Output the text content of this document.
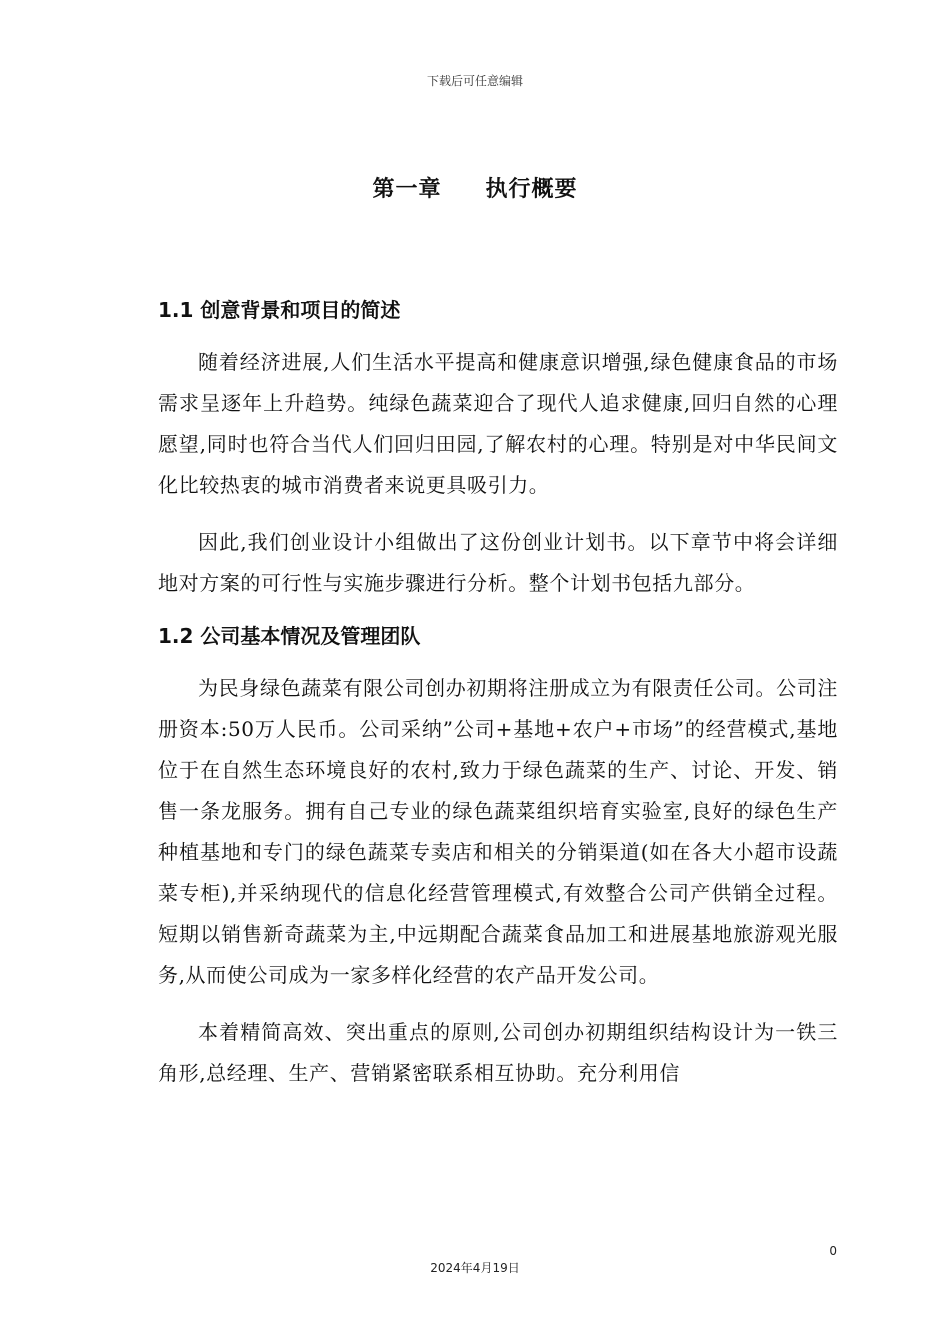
下载后可任意编辑
第一章 执行概要
1.1 创意背景和项目的简述

随着经济进展,人们生活水平提高和健康意识增强,绿色健康食品的市场需求呈逐年上升趋势。纯绿色蔬菜迎合了现代人追求健康,回归自然的心理愿望,同时也符合当代人们回归田园,了解农村的心理。特别是对中华民间文化比较热衷的城市消费者来说更具吸引力。

因此,我们创业设计小组做出了这份创业计划书。以下章节中将会详细地对方案的可行性与实施步骤进行分析。整个计划书包括九部分。

1.2 公司基本情况及管理团队

为民身绿色蔬菜有限公司创办初期将注册成立为有限责任公司。公司注册资本:50万人民币。公司采纳”公司+基地+农户+市场”的经营模式,基地位于在自然生态环境良好的农村,致力于绿色蔬菜的生产、讨论、开发、销售一条龙服务。拥有自己专业的绿色蔬菜组织培育实验室,良好的绿色生产种植基地和专门的绿色蔬菜专卖店和相关的分销渠道(如在各大小超市设蔬菜专柜),并采纳现代的信息化经营管理模式,有效整合公司产供销全过程。短期以销售新奇蔬菜为主,中远期配合蔬菜食品加工和进展基地旅游观光服务,从而使公司成为一家多样化经营的农产品开发公司。

本着精简高效、突出重点的原则,公司创办初期组织结构设计为一铁三角形,总经理、生产、营销紧密联系相互协助。充分利用信

0
2024年4月19日
